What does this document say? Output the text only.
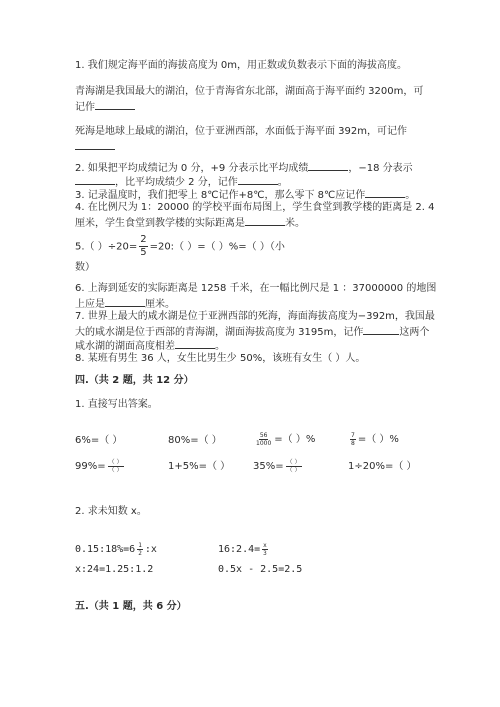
1. 我们规定海平面的海拔高度为 0m，用正数或负数表示下面的海拔高度。
青海湖是我国最大的湖泊，位于青海省东北部，湖面高于海平面约 3200m，可
记作
死海是地球上最咸的湖泊，位于亚洲西部，水面低于海平面 392m，可记作
2. 如果把平均成绩记为 0 分，+9 分表示比平均成绩	，−18 分表示
，比平均成绩少 2 分，记作	。
3. 记录温度时，我们把零上 8℃记作+8℃，那么零下 8℃应记作	。
4. 在比例尺为 1：20000 的学校平面布局图上，学生食堂到教学楼的距离是 2. 4
厘米，学生食堂到教学楼的实际距离是	米。
5.（ ）$\div 20= \frac{2}{5}$ =20:（ ）=（ ）%=（ ）（小
数）
6. 上海到延安的实际距离是 1258 千米，在一幅比例尺是 1 ：37000000 的地图
上应是	厘米。
7. 世界上最大的咸水湖是位于亚洲西部的死海，海面海拔高度为−392m，我国最
大的咸水湖是位于西部的青海湖，湖面海拔高度为 3195m，记作	这两个
咸水湖的湖面高度相差	。
8. 某班有男生 36 人，女生比男生少 50%，该班有女生（ ）人。
四.（共 2 题，共 12 分）
1. 直接写出答案。
6%=（ ）	80%=（ ）	$\frac{56}{1000}$ =（ ）%	$\frac{7}{8}$ =（ ）%
$99\%= \frac{( )}{( )}$	1+5%=（ ） $35\%= \frac{( )}{( )}$	1÷20%=（ ）
2. 求未知数 x。
0.15:18%=6 $\frac{1}{2}$ :x	16:2.4= $\frac{x}{3}$
x:24=1.25:1.2	0.5x - 2.5=2.5
五.（共 1 题，共 6 分）
